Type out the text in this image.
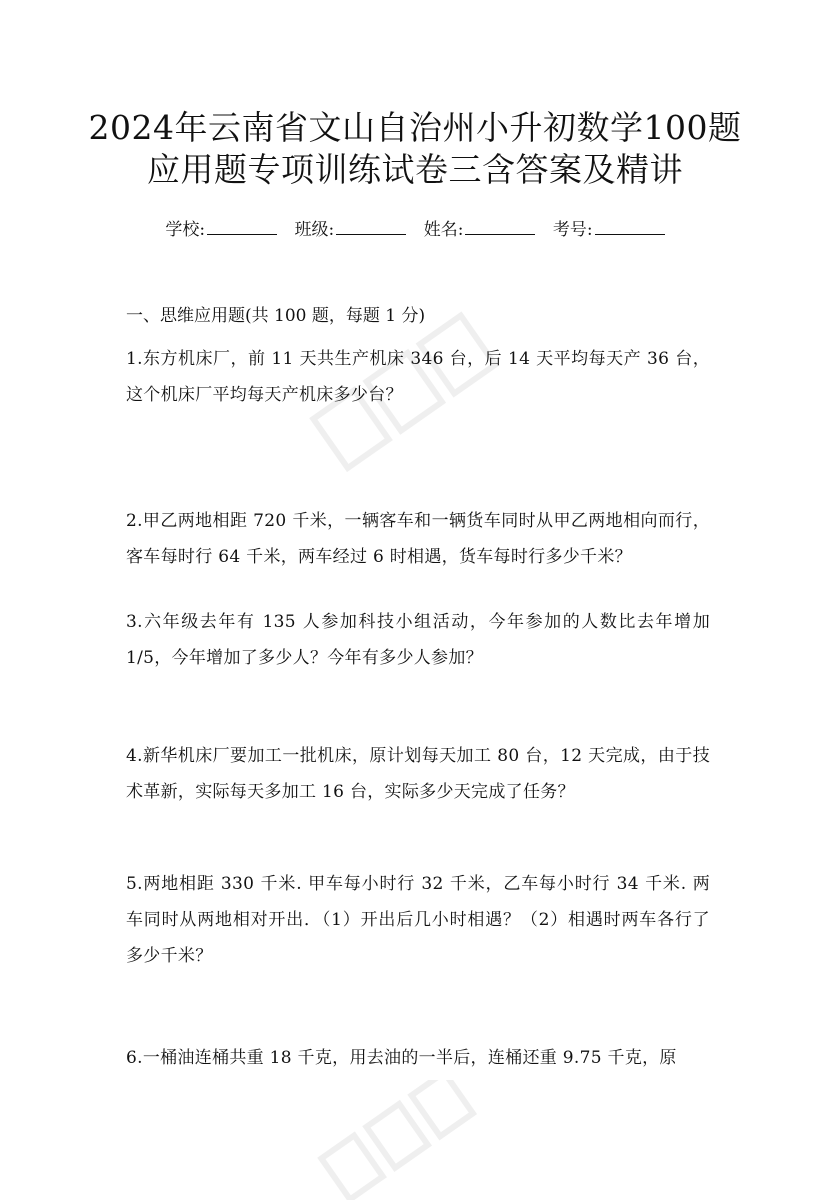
2024年云南省文山自治州小升初数学100题
应用题专项训练试卷三含答案及精讲
学校:	班级:	姓名:	考号:
一、思维应用题(共 100 题，每题 1 分)
1.东方机床厂，前 11 天共生产机床 346 台，后 14 天平均每天产 36 台，这个机床厂平均每天产机床多少台？
2.甲乙两地相距 720 千米，一辆客车和一辆货车同时从甲乙两地相向而行，客车每时行 64 千米，两车经过 6 时相遇，货车每时行多少千米？
3.六年级去年有 135 人参加科技小组活动，今年参加的人数比去年增加 1/5，今年增加了多少人？今年有多少人参加？
4.新华机床厂要加工一批机床，原计划每天加工 80 台，12 天完成，由于技术革新，实际每天多加工 16 台，实际多少天完成了任务？
5.两地相距 330 千米. 甲车每小时行 32 千米，乙车每小时行 34 千米. 两车同时从两地相对开出．（1）开出后几小时相遇？（2）相遇时两车各行了多少千米？
6.一桶油连桶共重 18 千克，用去油的一半后，连桶还重 9.75 千克，原
